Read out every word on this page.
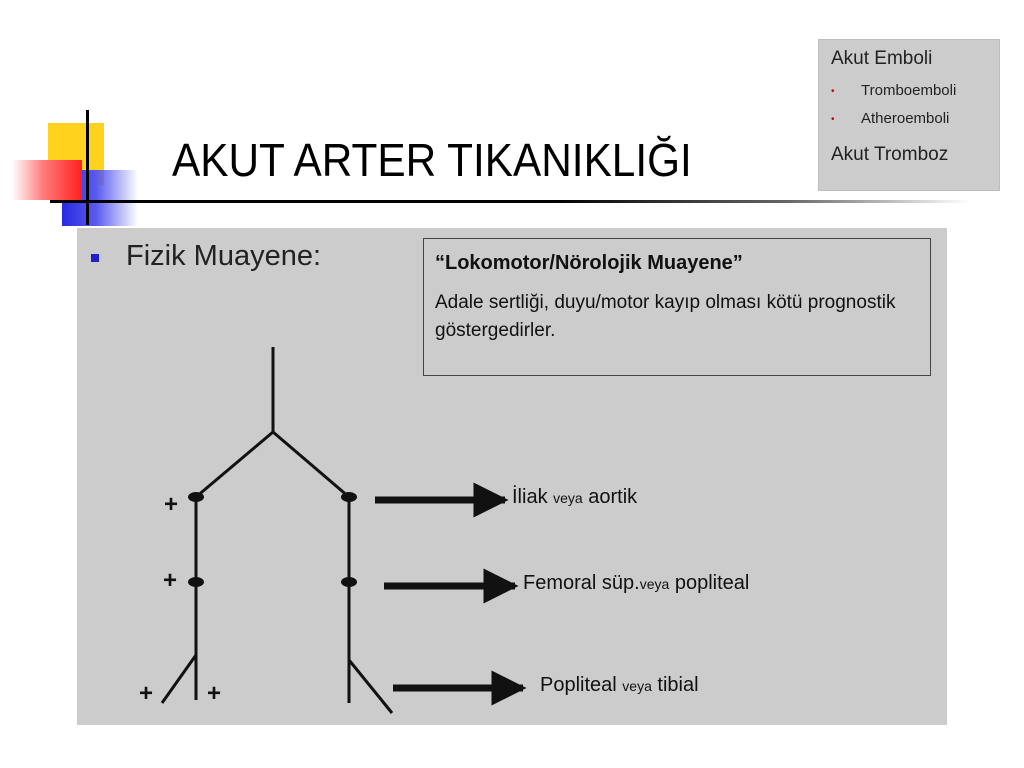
AKUT ARTER TIKANIKLIĞI
Akut Emboli
• Tromboemboli
• Atheroemboli
Akut Tromboz
Fizik Muayene:	“Lokomotor/Nörolojik Muayene”
Adale sertliği, duyu/motor kayıp olması kötü prognostik göstergedirler.
+
+
+ +
İliak veya aortik
Femoral süp.veya popliteal
Popliteal veya tibial
